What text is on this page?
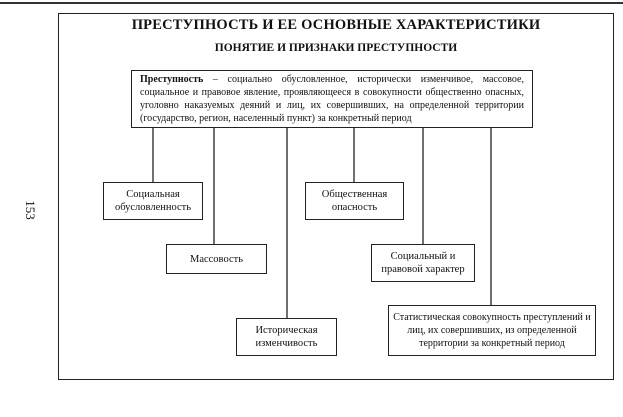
153
ПРЕСТУПНОСТЬ И ЕЕ ОСНОВНЫЕ ХАРАКТЕРИСТИКИ
ПОНЯТИЕ И ПРИЗНАКИ ПРЕСТУПНОСТИ
Преступность – социально обусловленное, исторически изменчивое, массовое, социальное и правовое явление, проявляющееся в совокупности общественно опасных, уголовно наказуемых деяний и лиц, их совершивших, на определенной территории (государство, регион, населенный пункт) за конкретный период
Социальная обусловленность
Массовость
Историческая изменчивость
Общественная опасность
Социальный и правовой характер
Статистическая совокупность преступлений и лиц, их совершивших, из определенной территории за конкретный период
